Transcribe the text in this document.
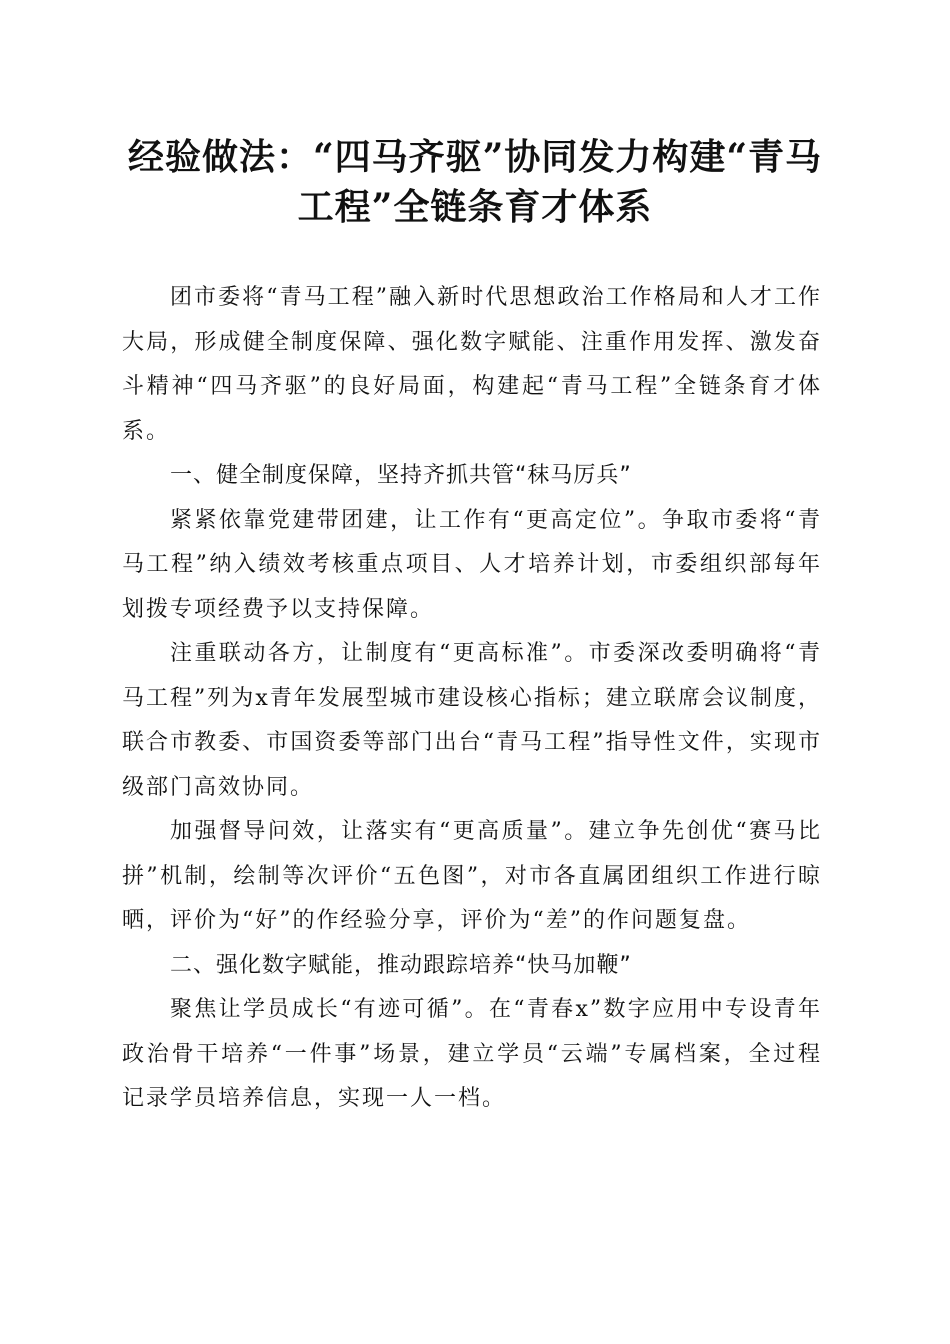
经验做法：“四马齐驱”协同发力构建“青马工程”全链条育才体系

团市委将“青马工程”融入新时代思想政治工作格局和人才工作大局，形成健全制度保障、强化数字赋能、注重作用发挥、激发奋斗精神“四马齐驱”的良好局面，构建起“青马工程”全链条育才体系。

一、健全制度保障，坚持齐抓共管“秣马厉兵”

紧紧依靠党建带团建，让工作有“更高定位”。争取市委将“青马工程”纳入绩效考核重点项目、人才培养计划，市委组织部每年划拨专项经费予以支持保障。

注重联动各方，让制度有“更高标准”。市委深改委明确将“青马工程”列为x青年发展型城市建设核心指标；建立联席会议制度，联合市教委、市国资委等部门出台“青马工程”指导性文件，实现市级部门高效协同。

加强督导问效，让落实有“更高质量”。建立争先创优“赛马比拼”机制，绘制等次评价“五色图”，对市各直属团组织工作进行晾晒，评价为“好”的作经验分享，评价为“差”的作问题复盘。

二、强化数字赋能，推动跟踪培养“快马加鞭”

聚焦让学员成长“有迹可循”。在“青春x”数字应用中专设青年政治骨干培养“一件事”场景，建立学员“云端”专属档案，全过程记录学员培养信息，实现一人一档。
